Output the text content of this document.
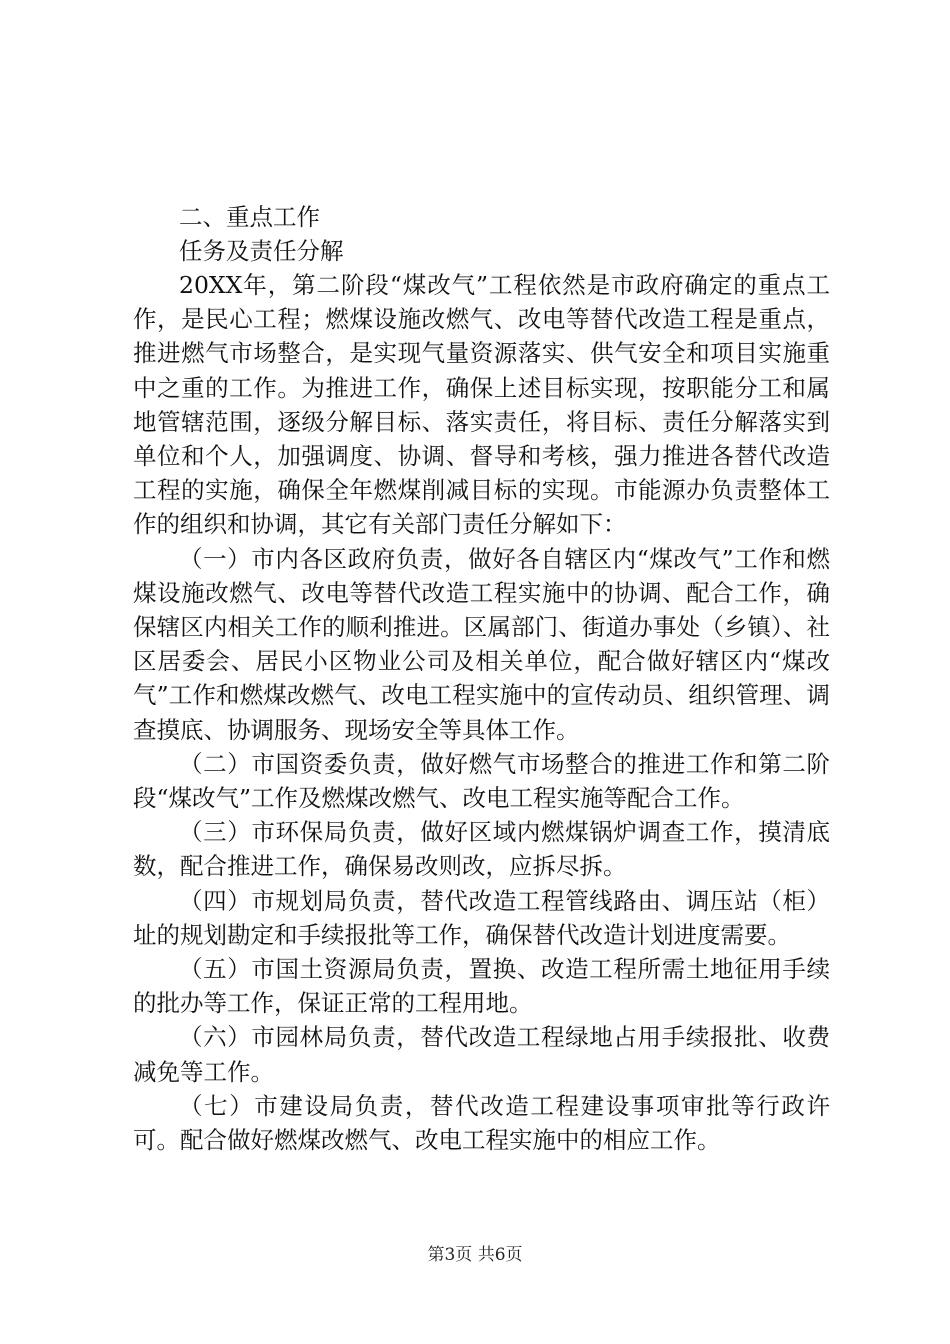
二、重点工作

任务及责任分解

20XX年，第二阶段“煤改气”工程依然是市政府确定的重点工作，是民心工程；燃煤设施改燃气、改电等替代改造工程是重点，推进燃气市场整合，是实现气量资源落实、供气安全和项目实施重中之重的工作。为推进工作，确保上述目标实现，按职能分工和属地管辖范围，逐级分解目标、落实责任，将目标、责任分解落实到单位和个人，加强调度、协调、督导和考核，强力推进各替代改造工程的实施，确保全年燃煤削减目标的实现。市能源办负责整体工作的组织和协调，其它有关部门责任分解如下：

（一）市内各区政府负责，做好各自辖区内“煤改气”工作和燃煤设施改燃气、改电等替代改造工程实施中的协调、配合工作，确保辖区内相关工作的顺利推进。区属部门、街道办事处（乡镇）、社区居委会、居民小区物业公司及相关单位，配合做好辖区内“煤改气”工作和燃煤改燃气、改电工程实施中的宣传动员、组织管理、调查摸底、协调服务、现场安全等具体工作。

（二）市国资委负责，做好燃气市场整合的推进工作和第二阶段“煤改气”工作及燃煤改燃气、改电工程实施等配合工作。

（三）市环保局负责，做好区域内燃煤锅炉调查工作，摸清底数，配合推进工作，确保易改则改，应拆尽拆。

（四）市规划局负责，替代改造工程管线路由、调压站（柜）址的规划勘定和手续报批等工作，确保替代改造计划进度需要。

（五）市国土资源局负责，置换、改造工程所需土地征用手续的批办等工作，保证正常的工程用地。

（六）市园林局负责，替代改造工程绿地占用手续报批、收费减免等工作。

（七）市建设局负责，替代改造工程建设事项审批等行政许可。配合做好燃煤改燃气、改电工程实施中的相应工作。

第3页 共6页
